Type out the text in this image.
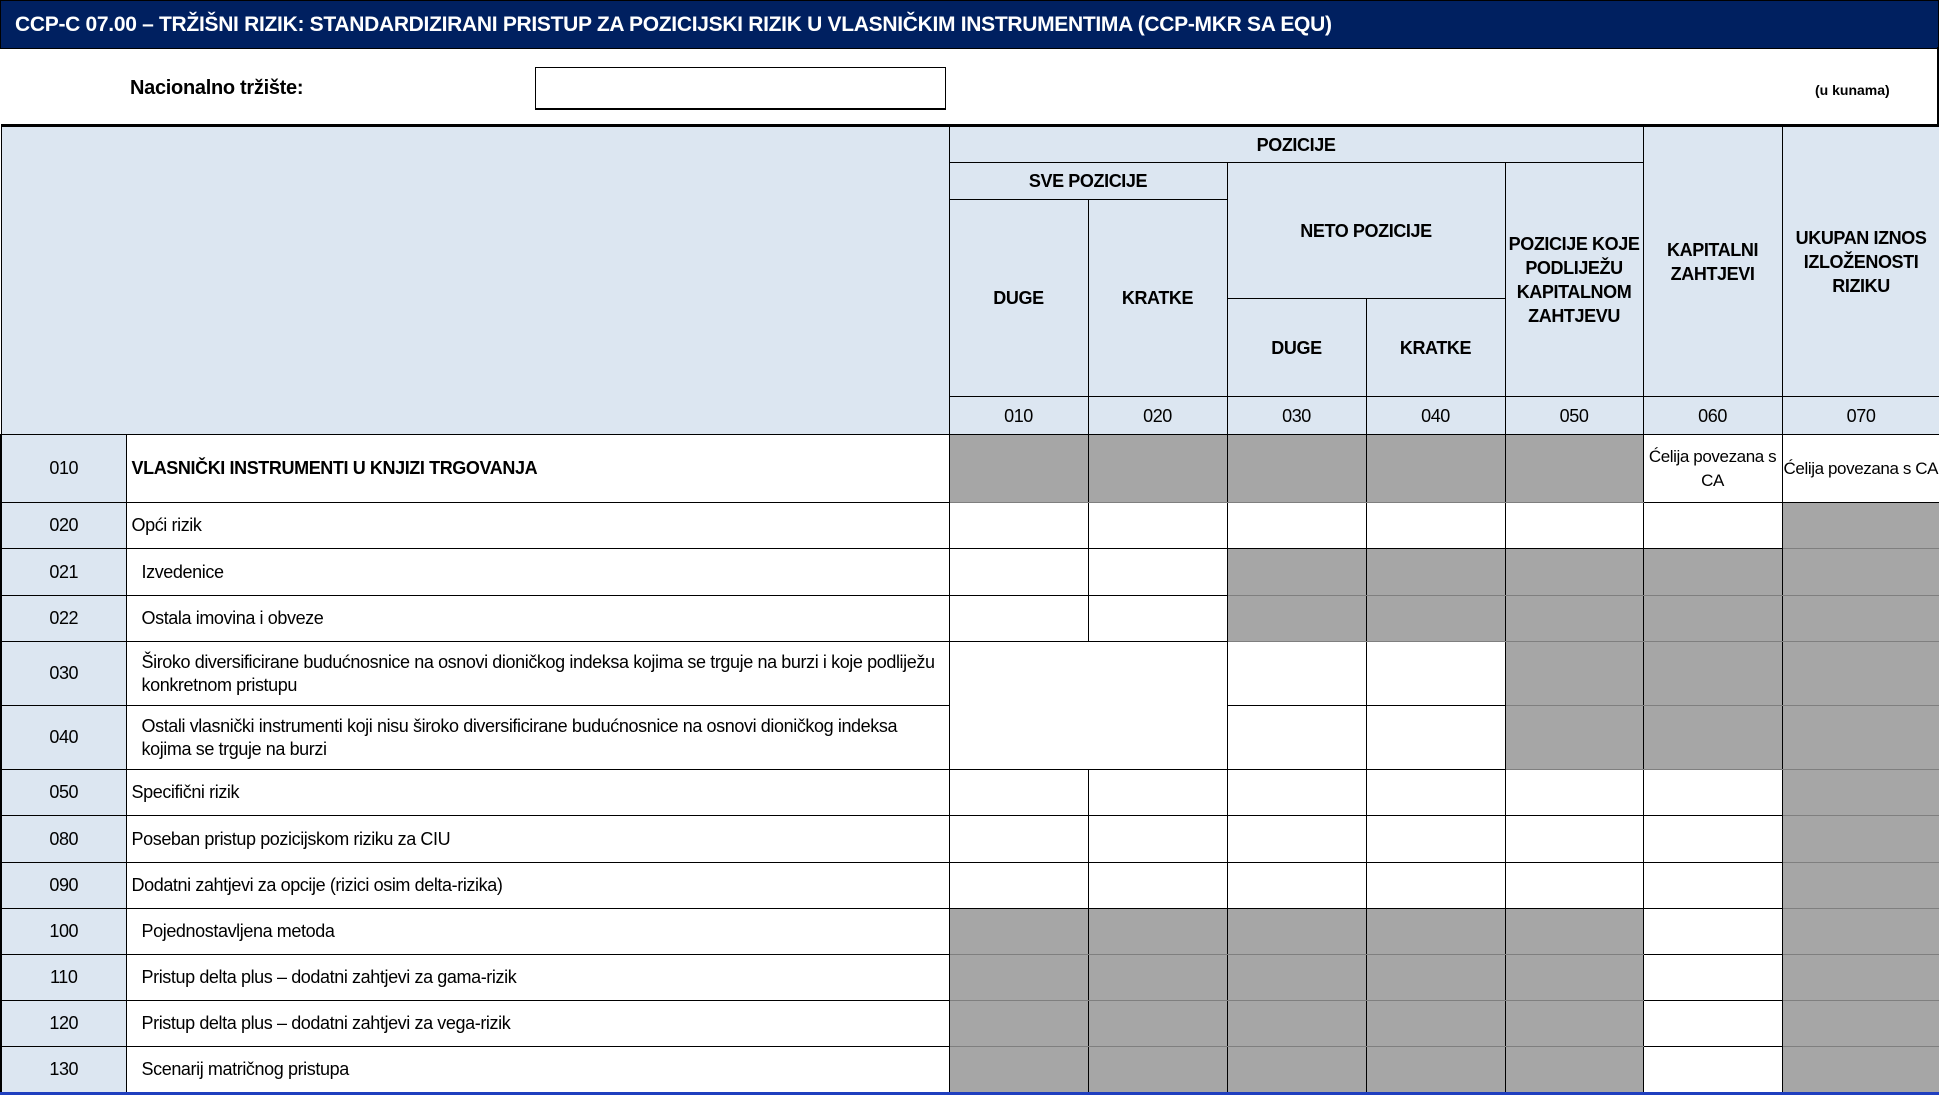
CCP-C 07.00 – TRŽIŠNI RIZIK: STANDARDIZIRANI PRISTUP ZA POZICIJSKI RIZIK U VLASNIČKIM INSTRUMENTIMA (CCP-MKR SA EQU)
Nacionalno tržište:	(u kunama)
		POZICIJE					KAPITALNI ZAHTJEVI	UKUPAN IZNOS IZLOŽENOSTI RIZIKU
		SVE POZICIJE		NETO POZICIJE		POZICIJE KOJE PODLIJEŽU KAPITALNOM ZAHTJEVU		
		DUGE	KRATKE					
				DUGE	KRATKE			
		010	020	030	040	050	060	070
010	VLASNIČKI INSTRUMENTI U KNJIZI TRGOVANJA						Ćelija povezana s CA	Ćelija povezana s CA
020	Opći rizik							
021	Izvedenice							
022	Ostala imovina i obveze							
030	Široko diversificirane budućnosnice na osnovi dioničkog indeksa kojima se trguje na burzi i koje podliježu konkretnom pristupu							
040	Ostali vlasnički instrumenti koji nisu široko diversificirane budućnosnice na osnovi dioničkog indeksa kojima se trguje na burzi							
050	Specifični rizik							
080	Poseban pristup pozicijskom riziku za CIU							
090	Dodatni zahtjevi za opcije (rizici osim delta-rizika)							
100	Pojednostavljena metoda							
110	Pristup delta plus – dodatni zahtjevi za gama-rizik							
120	Pristup delta plus – dodatni zahtjevi za vega-rizik							
130	Scenarij matričnog pristupa							
